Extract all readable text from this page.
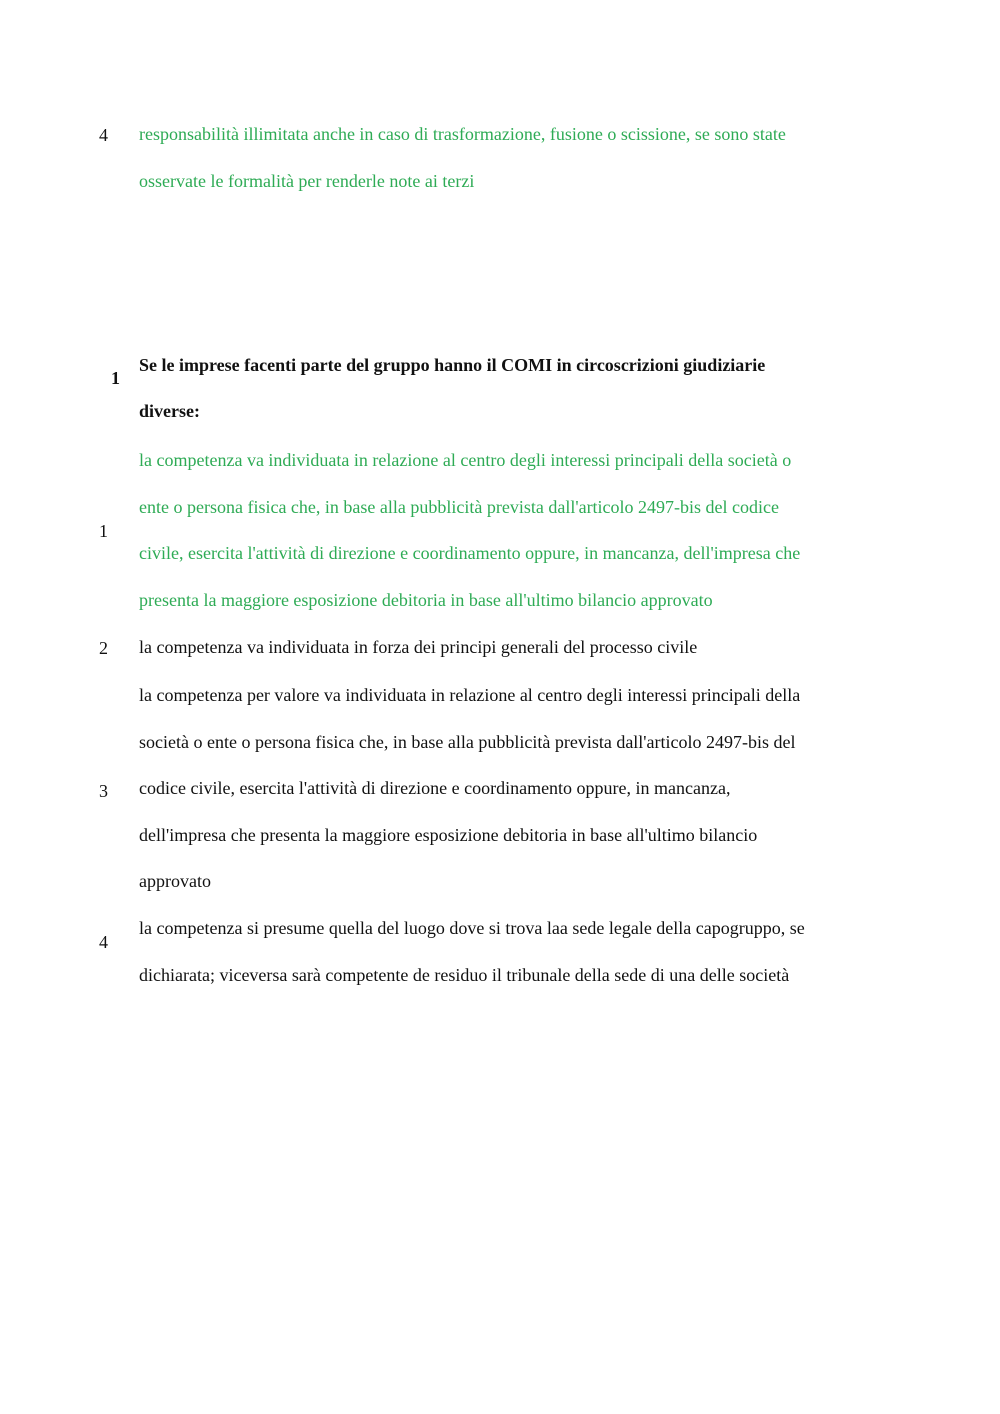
4 responsabilità illimitata anche in caso di trasformazione, fusione o scissione, se sono state
osservate le formalità per renderle note ai terzi
1
Se le imprese facenti parte del gruppo hanno il COMI in circoscrizioni giudiziarie
diverse:
1
la competenza va individuata in relazione al centro degli interessi principali della società o
ente o persona fisica che, in base alla pubblicità prevista dall'articolo 2497-bis del codice
civile, esercita l'attività di direzione e coordinamento oppure, in mancanza, dell'impresa che
presenta la maggiore esposizione debitoria in base all'ultimo bilancio approvato
2 la competenza va individuata in forza dei principi generali del processo civile
3
la competenza per valore va individuata in relazione al centro degli interessi principali della
società o ente o persona fisica che, in base alla pubblicità prevista dall'articolo 2497-bis del
codice civile, esercita l'attività di direzione e coordinamento oppure, in mancanza,
dell'impresa che presenta la maggiore esposizione debitoria in base all'ultimo bilancio
approvato
4
la competenza si presume quella del luogo dove si trova laa sede legale della capogruppo, se
dichiarata; viceversa sarà competente de residuo il tribunale della sede di una delle società
